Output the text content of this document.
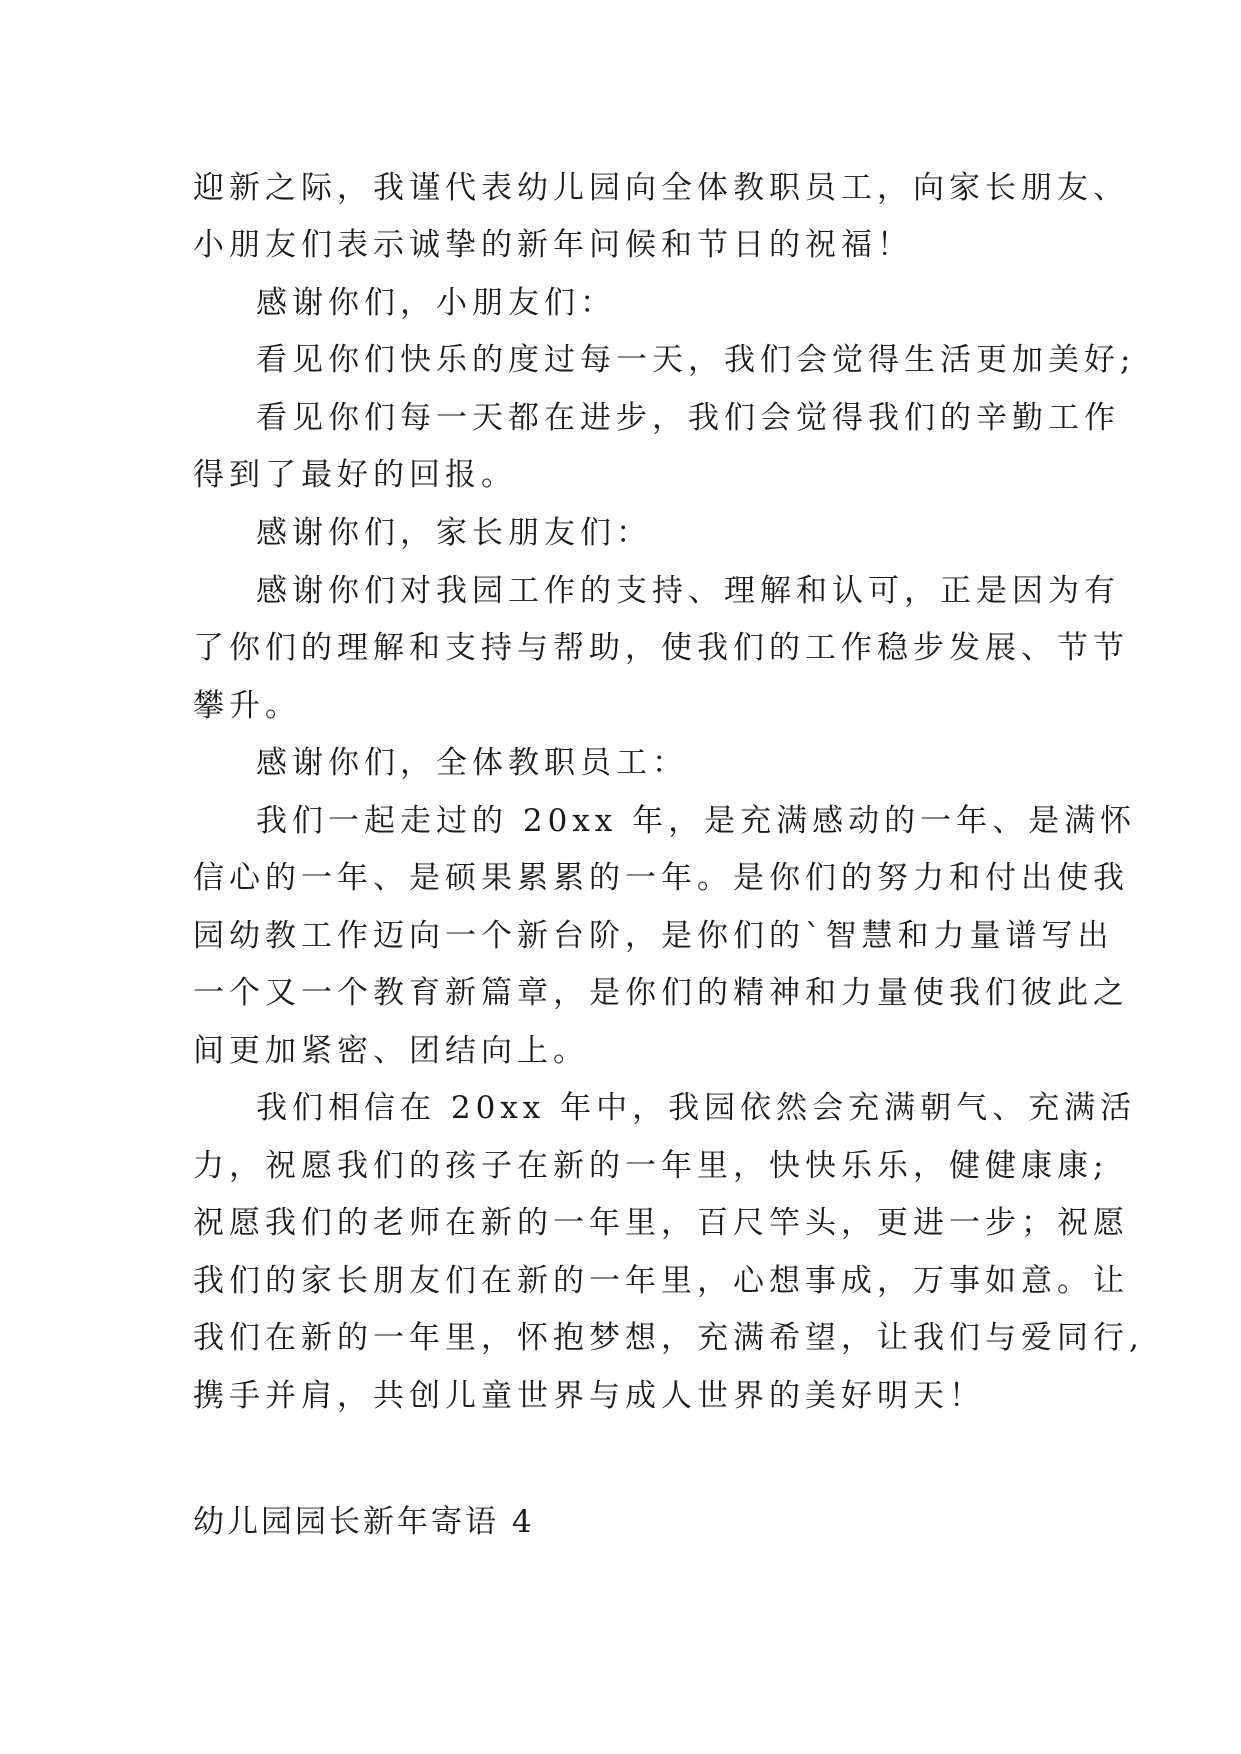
迎新之际，我谨代表幼儿园向全体教职员工，向家长朋友、
小朋友们表示诚挚的新年问候和节日的祝福！
感谢你们，小朋友们：
看见你们快乐的度过每一天，我们会觉得生活更加美好;
看见你们每一天都在进步，我们会觉得我们的辛勤工作
得到了最好的回报。
感谢你们，家长朋友们：
感谢你们对我园工作的支持、理解和认可，正是因为有
了你们的理解和支持与帮助，使我们的工作稳步发展、节节
攀升。
感谢你们，全体教职员工：
我们一起走过的 20xx 年，是充满感动的一年、是满怀
信心的一年、是硕果累累的一年。是你们的努力和付出使我
园幼教工作迈向一个新台阶，是你们的`智慧和力量谱写出
一个又一个教育新篇章，是你们的精神和力量使我们彼此之
间更加紧密、团结向上。
我们相信在 20xx 年中，我园依然会充满朝气、充满活
力，祝愿我们的孩子在新的一年里，快快乐乐，健健康康;
祝愿我们的老师在新的一年里，百尺竿头，更进一步；祝愿
我们的家长朋友们在新的一年里，心想事成，万事如意。让
我们在新的一年里，怀抱梦想，充满希望，让我们与爱同行,
携手并肩，共创儿童世界与成人世界的美好明天！
幼儿园园长新年寄语 4
